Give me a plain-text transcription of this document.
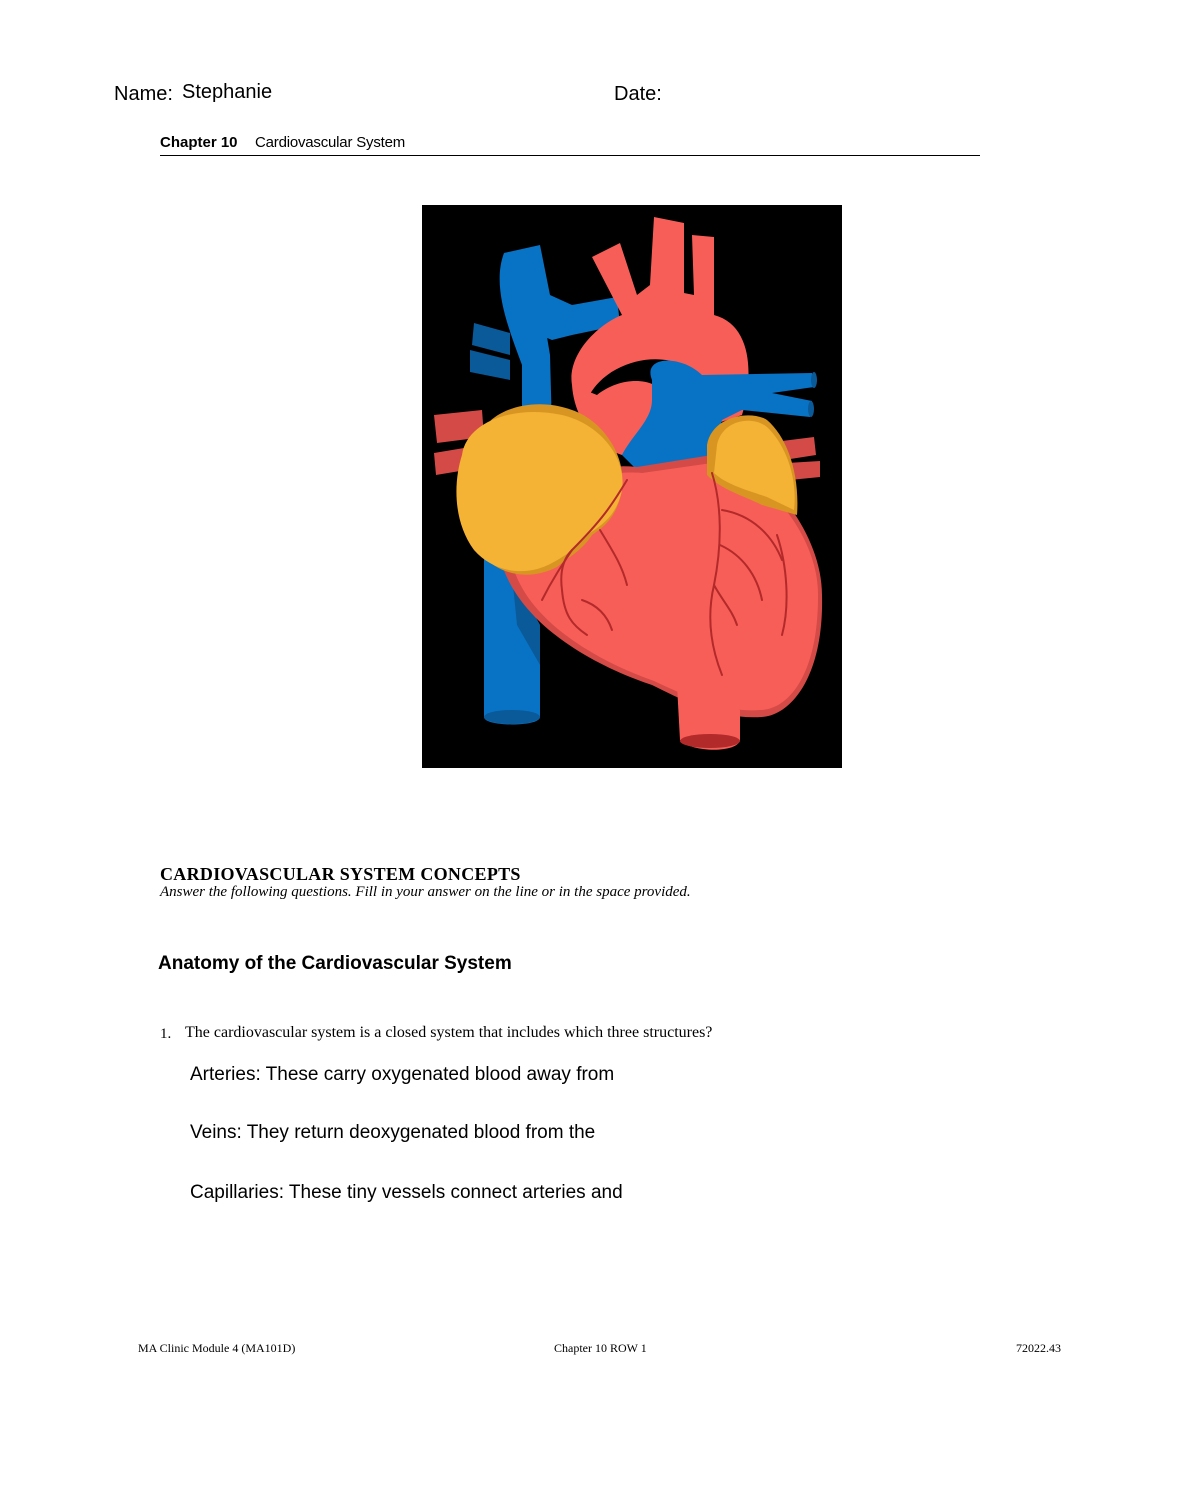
Name: Stephanie	Date:
Chapter 10 Cardiovascular System
CARDIOVASCULAR SYSTEM CONCEPTS
Answer the following questions. Fill in your answer on the line or in the space provided.
Anatomy of the Cardiovascular System
1. The cardiovascular system is a closed system that includes which three structures?
Arteries: These carry oxygenated blood away from
Veins: They return deoxygenated blood from the
Capillaries: These tiny vessels connect arteries and
MA Clinic Module 4 (MA101D)	Chapter 10 ROW 1	72022.43
